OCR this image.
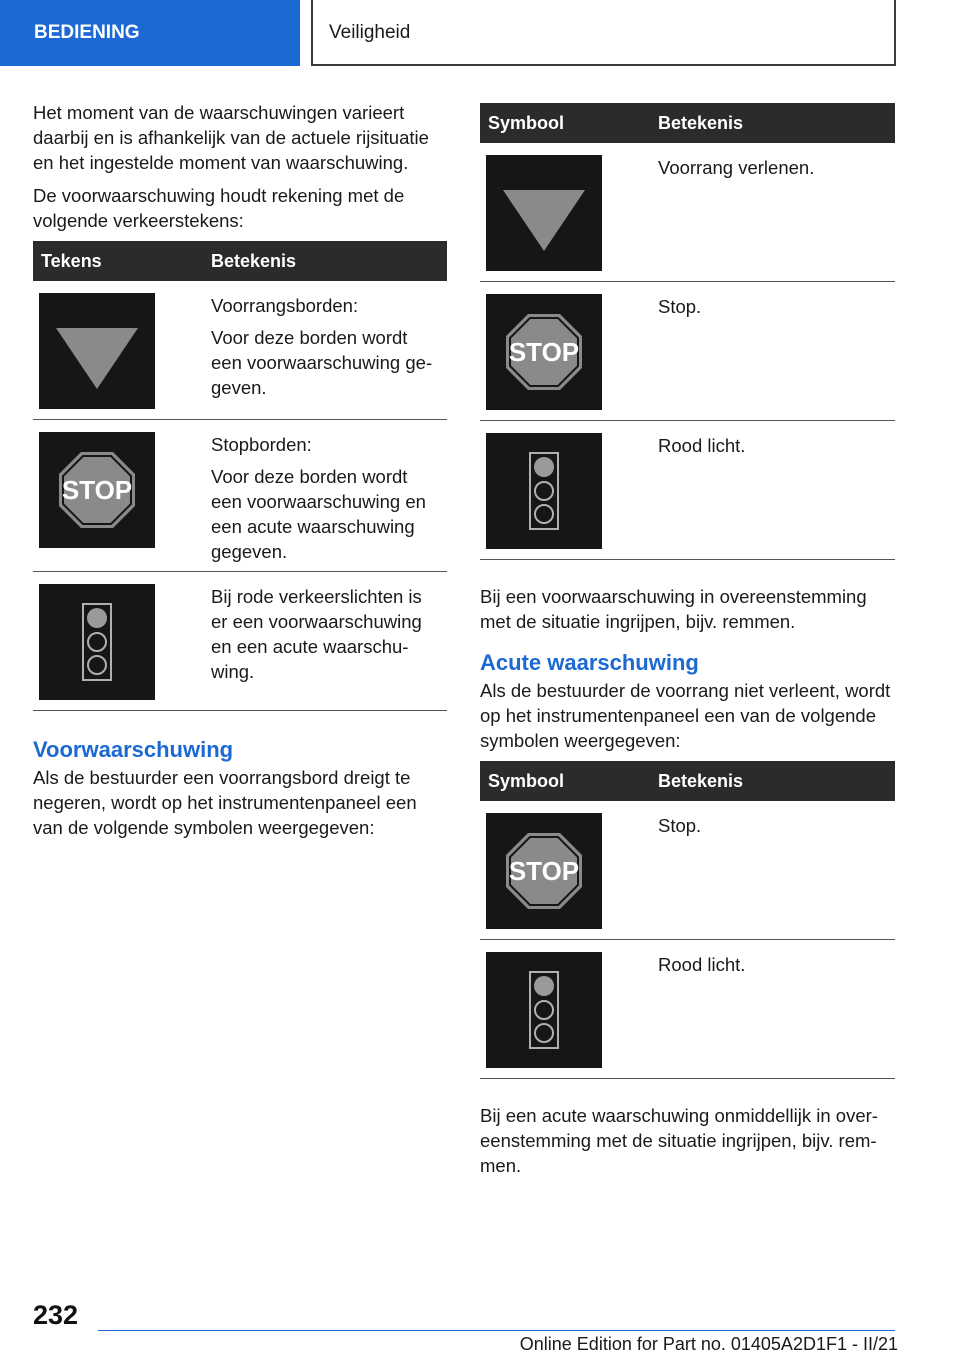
BEDIENING	Veiligheid

Het moment van de waarschuwingen varieert daarbij en is afhankelijk van de actuele rijsituatie en het ingestelde moment van waarschuwing.

De voorwaarschuwing houdt rekening met de volgende verkeerstekens:

Tekens	Betekenis

Voorrangsborden:

Voor deze borden wordt een voorwaarschuwing gegeven.

STOP	Stopborden:

Voor deze borden wordt een voorwaarschuwing en een acute waarschuwing gegeven.

Bij rode verkeerslichten is er een voorwaarschuwing en een acute waarschuwing.

Voorwaarschuwing

Als de bestuurder een voorrangsbord dreigt te negeren, wordt op het instrumentenpaneel een van de volgende symbolen weergegeven:

Symbool	Betekenis

Voorrang verlenen.

STOP	Stop.

Rood licht.

Bij een voorwaarschuwing in overeenstemming met de situatie ingrijpen, bijv. remmen.

Acute waarschuwing

Als de bestuurder de voorrang niet verleent, wordt op het instrumentenpaneel een van de volgende symbolen weergegeven:

Symbool	Betekenis

STOP	Stop.

Rood licht.

Bij een acute waarschuwing onmiddellijk in overeenstemming met de situatie ingrijpen, bijv. remmen.

232
Online Edition for Part no. 01405A2D1F1 - II/21
